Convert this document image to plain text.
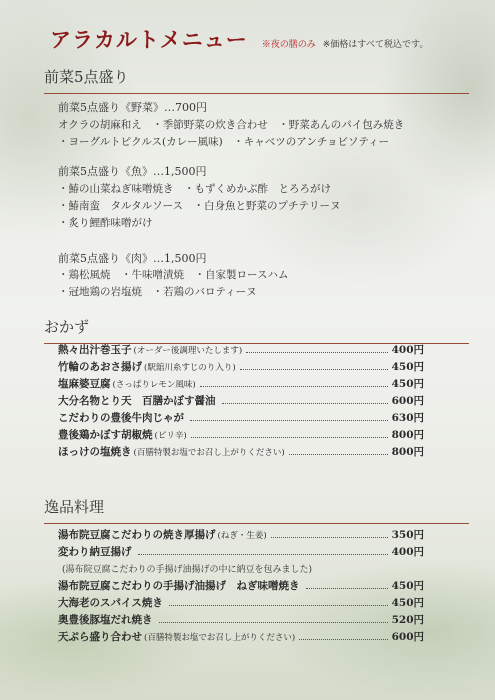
アラカルトメニュー ※夜の膳のみ ※価格はすべて税込です。
前菜5点盛り
前菜5点盛り《野菜》…700円
オクラの胡麻和え　・季節野菜の炊き合わせ　・野菜あんのパイ包み焼き
・ヨーグルトピクルス(カレー風味)　・キャベツのアンチョビソティー
前菜5点盛り《魚》…1,500円
・鰆の山菜ねぎ味噌焼き　・もずくめかぶ酢　とろろがけ
・鰆南蛮　タルタルソース　・白身魚と野菜のプチテリーヌ
・炙り鯉酢味噌がけ
前菜5点盛り《肉》…1,500円
・鶏松風焼　・牛味噌漬焼　・自家製ロースハム
・冠地鶏の岩塩焼　・若鶏のバロティーヌ
おかず
熱々出汁巻玉子 (オーダー後調理いたします)	400円
竹輪のあおさ揚げ (駅舘川糸すじのり入り)	450円
塩麻婆豆腐 (さっぱりレモン風味)	450円
大分名物とり天　百膳かぼす醤油	600円
こだわりの豊後牛肉じゃが	630円
豊後鶏かぼす胡椒焼 (ピリ辛)	800円
ほっけの塩焼き (百膳特製お塩でお召し上がりください)	800円
逸品料理
湯布院豆腐こだわりの焼き厚揚げ (ねぎ・生姜)	350円
変わり納豆揚げ	400円
(湯布院豆腐こだわりの手揚げ油揚げの中に納豆を包みました)
湯布院豆腐こだわりの手揚げ油揚げ　ねぎ味噌焼き	450円
大海老のスパイス焼き	450円
奥豊後豚塩だれ焼き	520円
天ぷら盛り合わせ (百膳特製お塩でお召し上がりください)	600円
